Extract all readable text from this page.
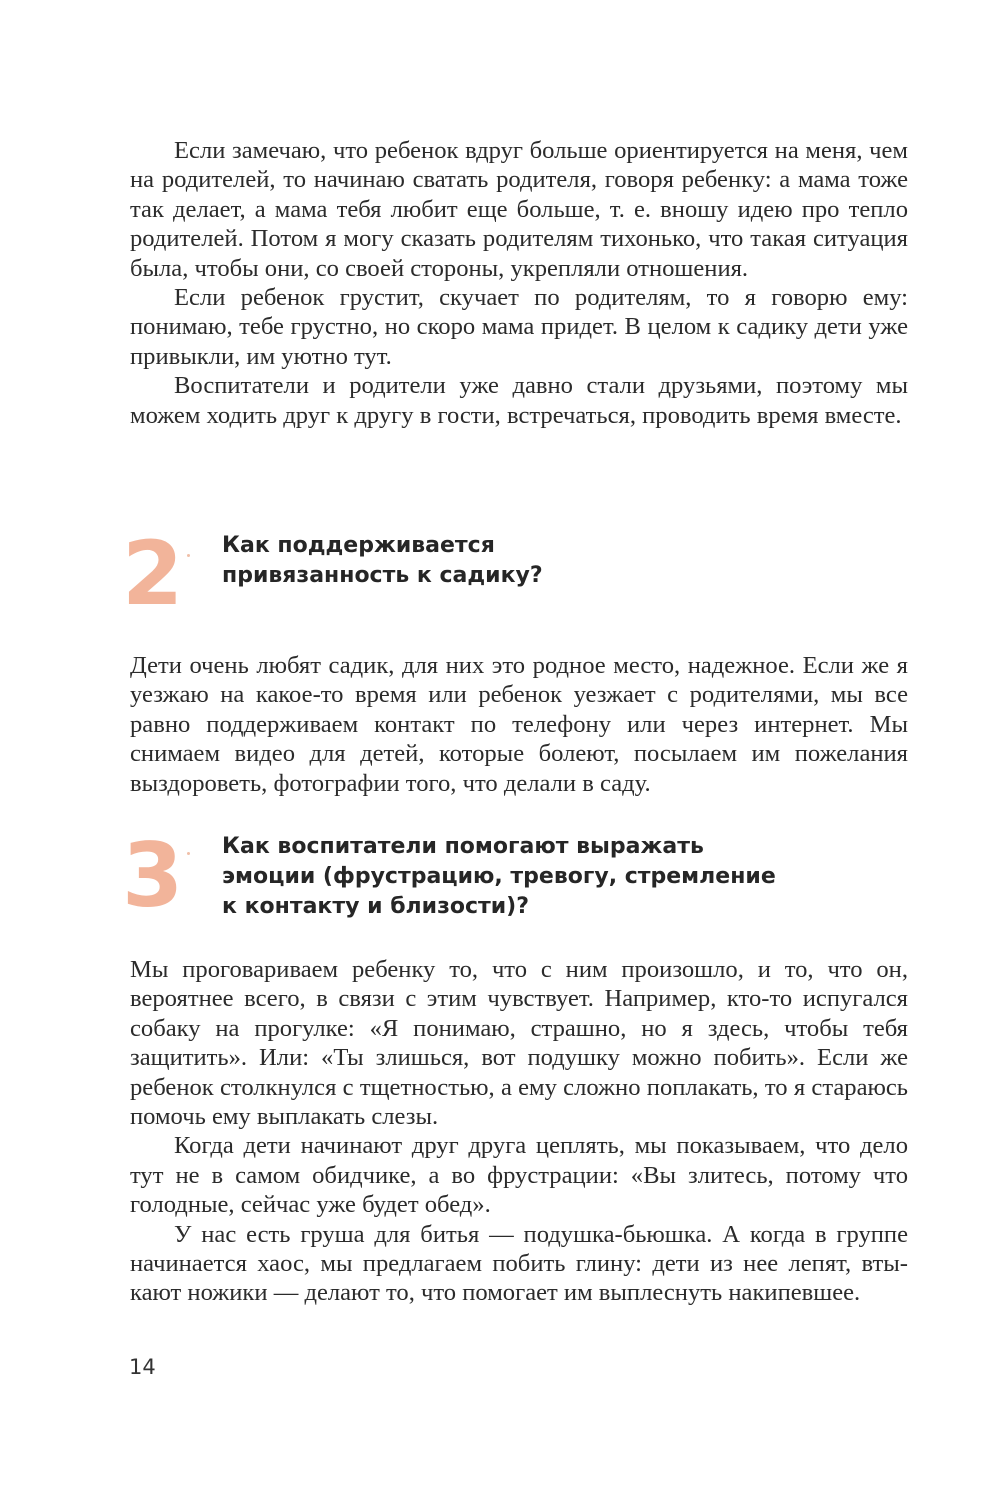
Если замечаю, что ребенок вдруг больше ориентируется на меня, чем на родителей, то начинаю сватать родителя, говоря ребенку: а мама тоже так делает, а мама тебя любит еще больше, т. е. вношу идею про тепло родителей. Потом я могу сказать родителям тихонько, что такая ситуация была, чтобы они, со своей стороны, укрепляли отношения.

Если ребенок грустит, скучает по родителям, то я говорю ему: понимаю, тебе грустно, но скоро мама придет. В целом к садику дети уже привыкли, им уютно тут.

Воспитатели и родители уже давно стали друзьями, поэтому мы можем ходить друг к другу в гости, встречаться, проводить время вместе.

2 Как поддерживается
привязанность к садику?

Дети очень любят садик, для них это родное место, надежное. Если же я уезжаю на какое-то время или ребенок уезжает с родителями, мы все равно поддерживаем контакт по телефону или через интернет. Мы снимаем видео для детей, которые болеют, посылаем им пожелания выздороветь, фотографии того, что делали в саду.

3 Как воспитатели помогают выражать
эмоции (фрустрацию, тревогу, стремление
к контакту и близости)?

Мы проговариваем ребенку то, что с ним произошло, и то, что он, вероятнее всего, в связи с этим чувствует. Например, кто-то испугался собаку на прогулке: «Я понимаю, страшно, но я здесь, чтобы тебя защитить». Или: «Ты злишься, вот подушку можно побить». Если же ребенок столкнулся с тщетностью, а ему сложно поплакать, то я стараюсь помочь ему выплакать слезы.

Когда дети начинают друг друга цеплять, мы показываем, что дело тут не в самом обидчике, а во фрустрации: «Вы злитесь, потому что голодные, сейчас уже будет обед».

У нас есть груша для битья — подушка-бьюшка. А когда в группе начинается хаос, мы предлагаем побить глину: дети из нее лепят, втыкают ножики — делают то, что помогает им выплеснуть накипевшее.

14
